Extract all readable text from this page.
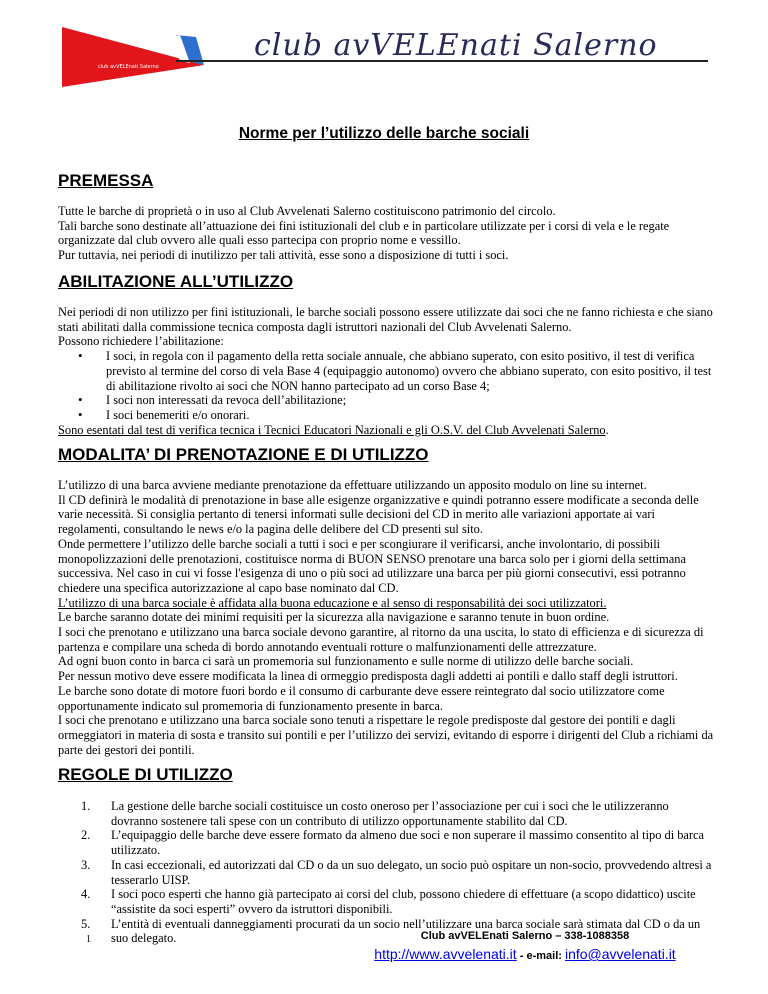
club avVELEnati Salerno
club avVELEnati Salerno
Norme per l’utilizzo delle barche sociali
PREMESSA

Tutte le barche di proprietà o in uso al Club Avvelenati Salerno costituiscono patrimonio del circolo.

Tali barche sono destinate all’attuazione dei fini istituzionali del club e in particolare utilizzate per i corsi di vela e le regate organizzate dal club ovvero alle quali esso partecipa con proprio nome e vessillo.

Pur tuttavia, nei periodi di inutilizzo per tali attività, esse sono a disposizione di tutti i soci.

ABILITAZIONE ALL’UTILIZZO

Nei periodi di non utilizzo per fini istituzionali, le barche sociali possono essere utilizzate dai soci che ne fanno richiesta e che siano stati abilitati dalla commissione tecnica composta dagli istruttori nazionali del Club Avvelenati Salerno.

Possono richiedere l’abilitazione:

• I soci, in regola con il pagamento della retta sociale annuale, che abbiano superato, con esito positivo, il test di verifica previsto al termine del corso di vela Base 4 (equipaggio autonomo) ovvero che abbiano superato, con esito positivo, il test di abilitazione rivolto ai soci che NON hanno partecipato ad un corso Base 4;
• I soci non interessati da revoca dell’abilitazione;
• I soci benemeriti e/o onorari.

Sono esentati dal test di verifica tecnica i Tecnici Educatori Nazionali e gli O.S.V. del Club Avvelenati Salerno.

MODALITA’ DI PRENOTAZIONE E DI UTILIZZO

L’utilizzo di una barca avviene mediante prenotazione da effettuare utilizzando un apposito modulo on line su internet.

Il CD definirà le modalità di prenotazione in base alle esigenze organizzative e quindi potranno essere modificate a seconda delle varie necessità. Si consiglia pertanto di tenersi informati sulle decisioni del CD in merito alle variazioni apportate ai vari regolamenti, consultando le news e/o la pagina delle delibere del CD presenti sul sito.

Onde permettere l’utilizzo delle barche sociali a tutti i soci e per scongiurare il verificarsi, anche involontario, di possibili monopolizzazioni delle prenotazioni, costituisce norma di BUON SENSO prenotare una barca solo per i giorni della settimana successiva. Nel caso in cui vi fosse l'esigenza di uno o più soci ad utilizzare una barca per più giorni consecutivi, essi potranno chiedere una specifica autorizzazione al capo base nominato dal CD.

L’utilizzo di una barca sociale è affidata alla buona educazione e al senso di responsabilità dei soci utilizzatori.

Le barche saranno dotate dei minimi requisiti per la sicurezza alla navigazione e saranno tenute in buon ordine.

I soci che prenotano e utilizzano una barca sociale devono garantire, al ritorno da una uscita, lo stato di efficienza e di sicurezza di partenza e compilare una scheda di bordo annotando eventuali rotture o malfunzionamenti delle attrezzature.

Ad ogni buon conto in barca ci sarà un promemoria sul funzionamento e sulle norme di utilizzo delle barche sociali.

Per nessun motivo deve essere modificata la linea di ormeggio predisposta dagli addetti ai pontili e dallo staff degli istruttori.

Le barche sono dotate di motore fuori bordo e il consumo di carburante deve essere reintegrato dal socio utilizzatore come opportunamente indicato sul promemoria di funzionamento presente in barca.

I soci che prenotano e utilizzano una barca sociale sono tenuti a rispettare le regole predisposte dal gestore dei pontili e dagli ormeggiatori in materia di sosta e transito sui pontili e per l’utilizzo dei servizi, evitando di esporre i dirigenti del Club a richiami da parte dei gestori dei pontili.

REGOLE DI UTILIZZO
1. La gestione delle barche sociali costituisce un costo oneroso per l’associazione per cui i soci che le utilizzeranno dovranno sostenere tali spese con un contributo di utilizzo opportunamente stabilito dal CD.
2. L’equipaggio delle barche deve essere formato da almeno due soci e non superare il massimo consentito al tipo di barca utilizzato.
3. In casi eccezionali, ed autorizzati dal CD o da un suo delegato, un socio può ospitare un non-socio, provvedendo altresì a tesserarlo UISP.
4. I soci poco esperti che hanno già partecipato ai corsi del club, possono chiedere di effettuare (a scopo didattico) uscite “assistite da soci esperti” ovvero da istruttori disponibili.
5. L’entità di eventuali danneggiamenti procurati da un socio nell’utilizzare una barca sociale sarà stimata dal CD o da un suo delegato.
1	Club avVELEnati Salerno – 338-1088358
http://www.avvelenati.it - e-mail: info@avvelenati.it
